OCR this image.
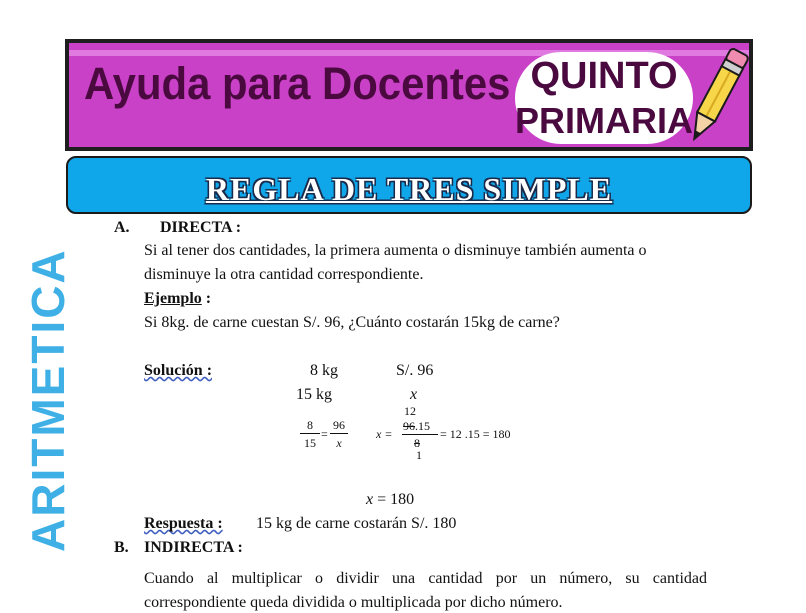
Ayuda para Docentes QUINTO
PRIMARIA
REGLA DE TRES SIMPLE
ARITMETICA
A. DIRECTA :
Si al tener dos cantidades, la primera aumenta o disminuye también aumenta o
disminuye la otra cantidad correspondiente.
Ejemplo :
Si 8kg. de carne cuestan S/. 96, ¿Cuánto costarán 15kg de carne?
Solución :	8 kg	S/. 96
15 kg	x
8
15
=
96
x
x =
12
96.15
8
1
= 12 .15 = 180
x = 180
Respuesta : 15 kg de carne costarán S/. 180
B. INDIRECTA :
Cuando al multiplicar o dividir una cantidad por un número, su cantidad
correspondiente queda dividida o multiplicada por dicho número.
